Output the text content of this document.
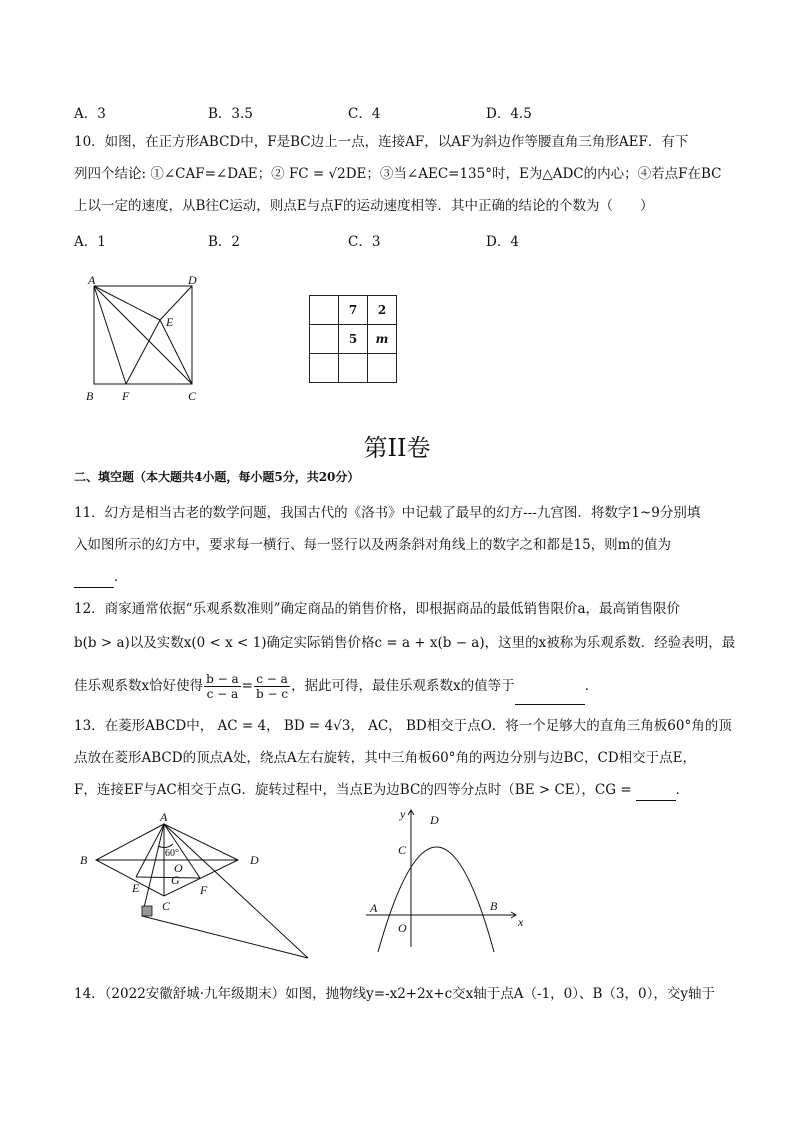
A．3	B．3.5	C．4	D．4.5
10．如图，在正方形ABCD中，F是BC边上一点，连接AF，以AF为斜边作等腰直角三角形AEF．有下
列四个结论: ①∠CAF=∠DAE；② FC = √2DE；③当∠AEC=135°时，E为△ADC的内心；④若点F在BC
上以一定的速度，从B往C运动，则点E与点F的运动速度相等．其中正确的结论的个数为（　　）
A．1	B．2	C．3	D．4
A	D
E
B F	C
	7	2
	5	m

第II卷
二、填空题（本大题共4小题，每小题5分，共20分）
11．幻方是相当古老的数学问题，我国古代的《洛书》中记载了最早的幻方---九宫图．将数字1~9分别填
入如图所示的幻方中，要求每一横行、每一竖行以及两条斜对角线上的数字之和都是15，则m的值为
．
12．商家通常依据“乐观系数准则”确定商品的销售价格，即根据商品的最低销售限价a，最高销售限价
b(b > a)以及实数x(0 < x < 1)确定实际销售价格c = a + x(b − a)，这里的x被称为乐观系数．经验表明，最
佳乐观系数x恰好使得 $\frac{b - a}{c - a} = \frac{c - a}{b - c}$ ，据此可得，最佳乐观系数x的值等于	．
13．在菱形ABCD中， AC = 4， BD = 4√3， AC， BD相交于点O．将一个足够大的直角三角板60°角的顶
点放在菱形ABCD的顶点A处，绕点A左右旋转，其中三角板60°角的两边分别与边BC，CD相交于点E，
F，连接EF与AC相交于点G．旋转过程中，当点E为边BC的四等分点时（BE > CE），CG =	．
A
B	D
O
G
E	F
C
60°
y D
C
A
O
B
x
14．（2022安徽舒城·九年级期末）如图，抛物线y=-x2+2x+c交x轴于点A（-1，0）、B（3，0），交y轴于
